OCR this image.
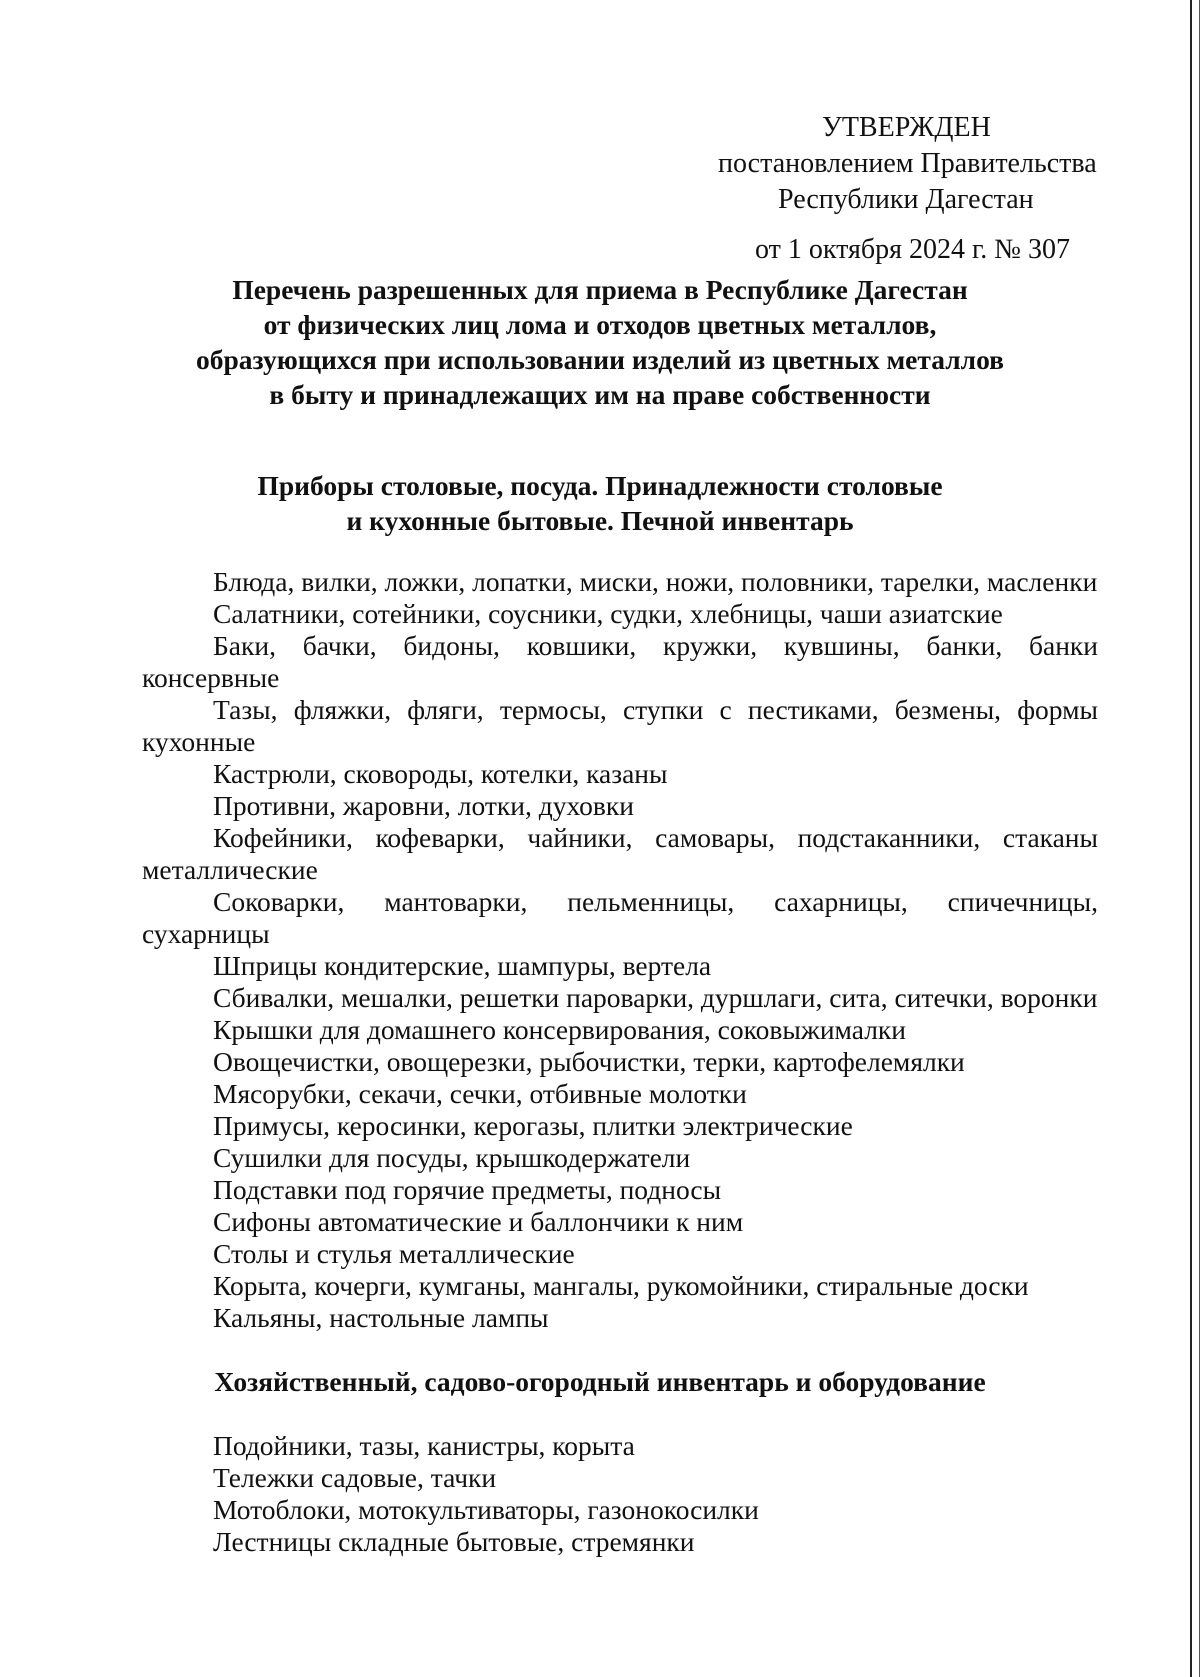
УТВЕРЖДЕН
постановлением Правительства
Республики Дагестан
от 1 октября 2024 г. № 307
Перечень разрешенных для приема в Республике Дагестан
от физических лиц лома и отходов цветных металлов,
образующихся при использовании изделий из цветных металлов
в быту и принадлежащих им на праве собственности
Приборы столовые, посуда. Принадлежности столовые
и кухонные бытовые. Печной инвентарь

Блюда, вилки, ложки, лопатки, миски, ножи, половники, тарелки, масленки

Салатники, сотейники, соусники, судки, хлебницы, чаши азиатские

Баки, бачки, бидоны, ковшики, кружки, кувшины, банки, банки консервные

Тазы, фляжки, фляги, термосы, ступки с пестиками, безмены, формы кухонные

Кастрюли, сковороды, котелки, казаны

Противни, жаровни, лотки, духовки

Кофейники, кофеварки, чайники, самовары, подстаканники, стаканы металлические

Соковарки, мантоварки, пельменницы, сахарницы, спичечницы, сухарницы

Шприцы кондитерские, шампуры, вертела

Сбивалки, мешалки, решетки пароварки, дуршлаги, сита, ситечки, воронки

Крышки для домашнего консервирования, соковыжималки

Овощечистки, овощерезки, рыбочистки, терки, картофелемялки

Мясорубки, секачи, сечки, отбивные молотки

Примусы, керосинки, керогазы, плитки электрические

Сушилки для посуды, крышкодержатели

Подставки под горячие предметы, подносы

Сифоны автоматические и баллончики к ним

Столы и стулья металлические

Корыта, кочерги, кумганы, мангалы, рукомойники, стиральные доски

Кальяны, настольные лампы

Хозяйственный, садово-огородный инвентарь и оборудование

Подойники, тазы, канистры, корыта

Тележки садовые, тачки

Мотоблоки, мотокультиваторы, газонокосилки

Лестницы складные бытовые, стремянки
